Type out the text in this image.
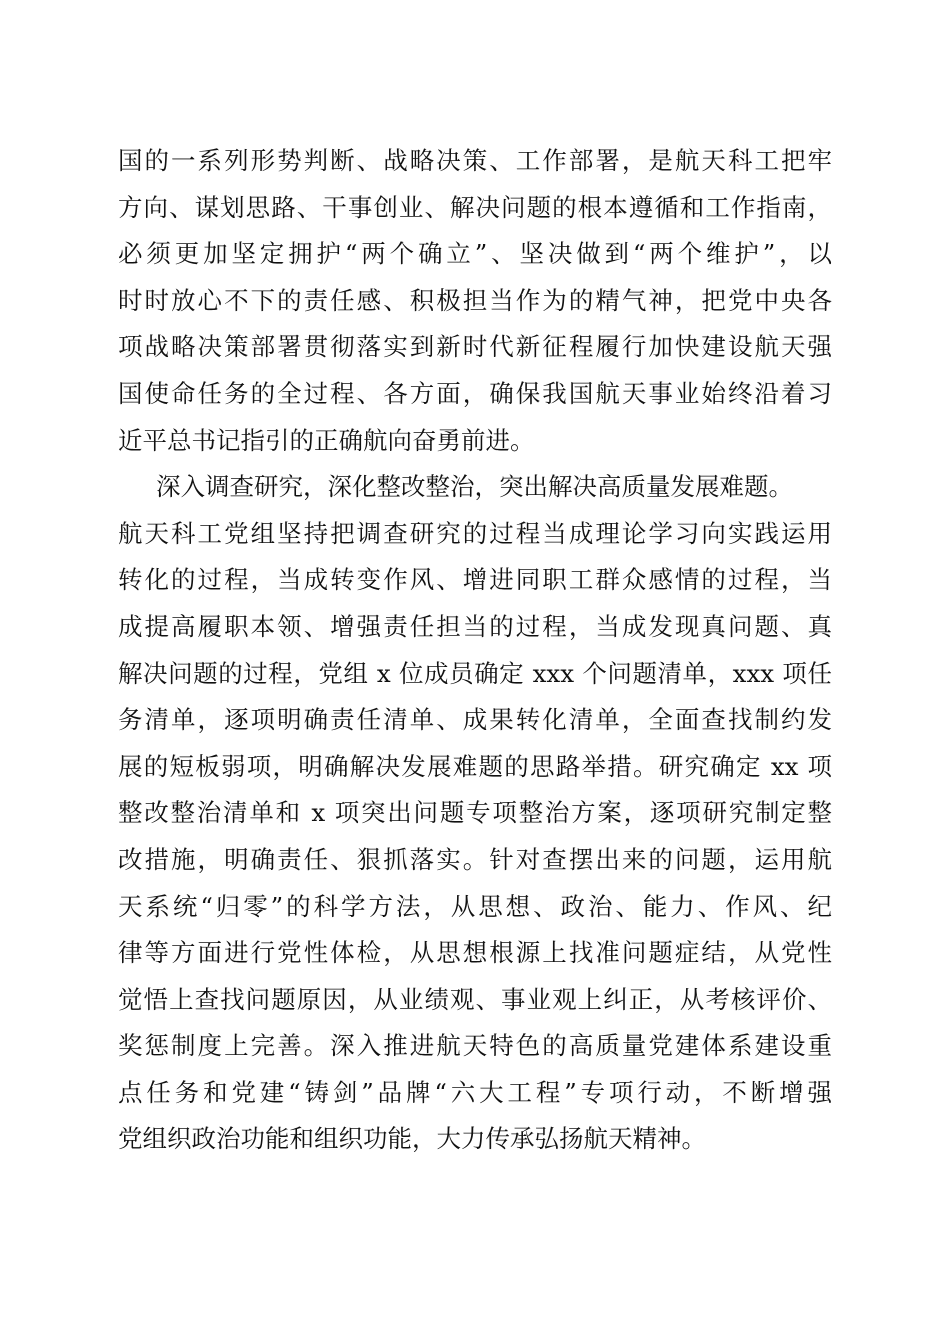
国的一系列形势判断、战略决策、工作部署，是航天科工把牢
方向、谋划思路、干事创业、解决问题的根本遵循和工作指南，
必须更加坚定拥护“两个确立”、坚决做到“两个维护”，以
时时放心不下的责任感、积极担当作为的精气神，把党中央各
项战略决策部署贯彻落实到新时代新征程履行加快建设航天强
国使命任务的全过程、各方面，确保我国航天事业始终沿着习
近平总书记指引的正确航向奋勇前进。
深入调查研究，深化整改整治，突出解决高质量发展难题。
航天科工党组坚持把调查研究的过程当成理论学习向实践运用
转化的过程，当成转变作风、增进同职工群众感情的过程，当
成提高履职本领、增强责任担当的过程，当成发现真问题、真
解决问题的过程，党组 x 位成员确定 xxx 个问题清单，xxx 项任
务清单，逐项明确责任清单、成果转化清单，全面查找制约发
展的短板弱项，明确解决发展难题的思路举措。研究确定 xx 项
整改整治清单和 x 项突出问题专项整治方案，逐项研究制定整
改措施，明确责任、狠抓落实。针对查摆出来的问题，运用航
天系统“归零”的科学方法，从思想、政治、能力、作风、纪
律等方面进行党性体检，从思想根源上找准问题症结，从党性
觉悟上查找问题原因，从业绩观、事业观上纠正，从考核评价、
奖惩制度上完善。深入推进航天特色的高质量党建体系建设重
点任务和党建“铸剑”品牌“六大工程”专项行动，不断增强
党组织政治功能和组织功能，大力传承弘扬航天精神。
